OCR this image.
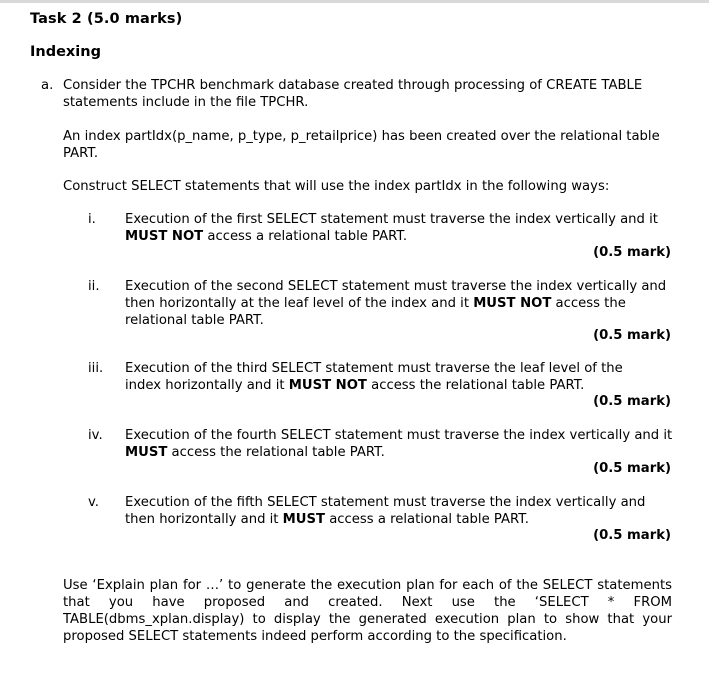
Task 2 (5.0 marks)
Indexing
a. Consider the TPCHR benchmark database created through processing of CREATE TABLE
statements include in the file TPCHR.
An index partIdx(p_name, p_type, p_retailprice) has been created over the relational table
PART.
Construct SELECT statements that will use the index partIdx in the following ways:
i. Execution of the first SELECT statement must traverse the index vertically and it MUST NOT access a relational table PART.
(0.5 mark)
ii. Execution of the second SELECT statement must traverse the index vertically and then horizontally at the leaf level of the index and it MUST NOT access the relational table PART.
(0.5 mark)
iii. Execution of the third SELECT statement must traverse the leaf level of the index horizontally and it MUST NOT access the relational table PART.
(0.5 mark)
iv. Execution of the fourth SELECT statement must traverse the index vertically and it MUST access the relational table PART.
(0.5 mark)
v. Execution of the fifth SELECT statement must traverse the index vertically and then horizontally and it MUST access a relational table PART.
(0.5 mark)
Use ‘Explain plan for …’ to generate the execution plan for each of the SELECT statements that you have proposed and created. Next use the ‘SELECT * FROM TABLE(dbms_xplan.display) to display the generated execution plan to show that your proposed SELECT statements indeed perform according to the specification.
